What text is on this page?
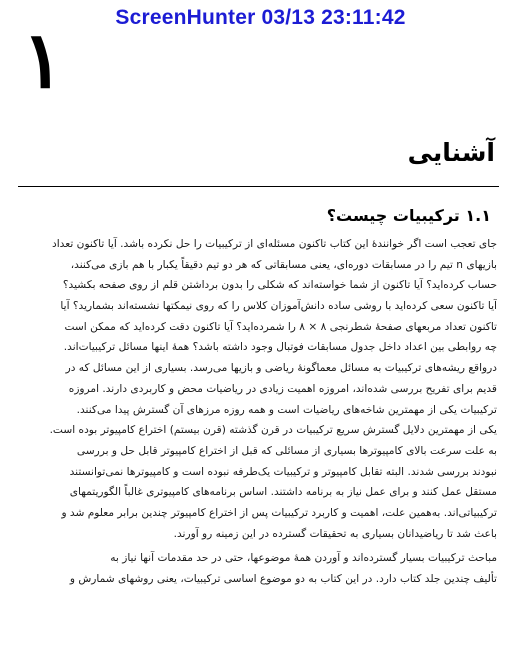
ScreenHunter 03/13 23:11:42
۱
آشنایی
۱.۱ ترکیبیات چیست؟
جای تعجب است اگر خوانندهٔ این کتاب تاکنون مسئله‌ای از ترکیبیات را حل نکرده باشد. آیا تاکنون تعداد
بازیهای n تیم را در مسابقات دوره‌ای، یعنی مسابقاتی که هر دو تیم دقیقاً یکبار با هم بازی می‌کنند،
حساب کرده‌اید؟ آیا تاکنون از شما خواسته‌اند که شکلی را بدون برداشتن قلم از روی صفحه بکشید؟
آیا تاکنون سعی کرده‌اید با روشی ساده دانش‌آموزان کلاس را که روی نیمکتها نشسته‌اند بشمارید؟ آیا
تاکنون تعداد مربعهای صفحهٔ شطرنجی ۸ × ۸ را شمرده‌اید؟ آیا تاکنون دقت کرده‌اید که ممکن است
چه روابطی بین اعداد داخل جدول مسابقات فوتبال وجود داشته باشد؟ همهٔ اینها مسائل ترکیبیات‌اند.
درواقع ریشه‌های ترکیبیات به مسائل معماگونهٔ ریاضی و بازیها می‌رسد. بسیاری از این مسائل که در
قدیم برای تفریح بررسی شده‌اند، امروزه اهمیت زیادی در ریاضیات محض و کاربردی دارند. امروزه
ترکیبیات یکی از مهمترین شاخه‌های ریاضیات است و همه روزه مرزهای آن گسترش پیدا می‌کنند.
یکی از مهمترین دلایل گسترش سریع ترکیبیات در قرن گذشته (قرن بیستم) اختراع کامپیوتر بوده است.
به علت سرعت بالای کامپیوترها بسیاری از مسائلی که قبل از اختراع کامپیوتر قابل حل و بررسی
نبودند بررسی شدند. البته تقابل کامپیوتر و ترکیبیات یک‌طرفه نبوده است و کامپیوترها نمی‌توانستند
مستقل عمل کنند و برای عمل نیاز به برنامه داشتند. اساس برنامه‌های کامپیوتری غالباً الگوریتمهای
ترکیبیاتی‌اند. به‌همین علت، اهمیت و کاربرد ترکیبیات پس از اختراع کامپیوتر چندین برابر معلوم شد و
باعث شد تا ریاضیدانان بسیاری به تحقیقات گسترده در این زمینه رو آورند.
مباحث ترکیبیات بسیار گسترده‌اند و آوردن همهٔ موضوعها، حتی در حد مقدمات آنها نیاز به
تألیف چندین جلد کتاب دارد. در این کتاب به دو موضوع اساسی ترکیبیات، یعنی روشهای شمارش و
